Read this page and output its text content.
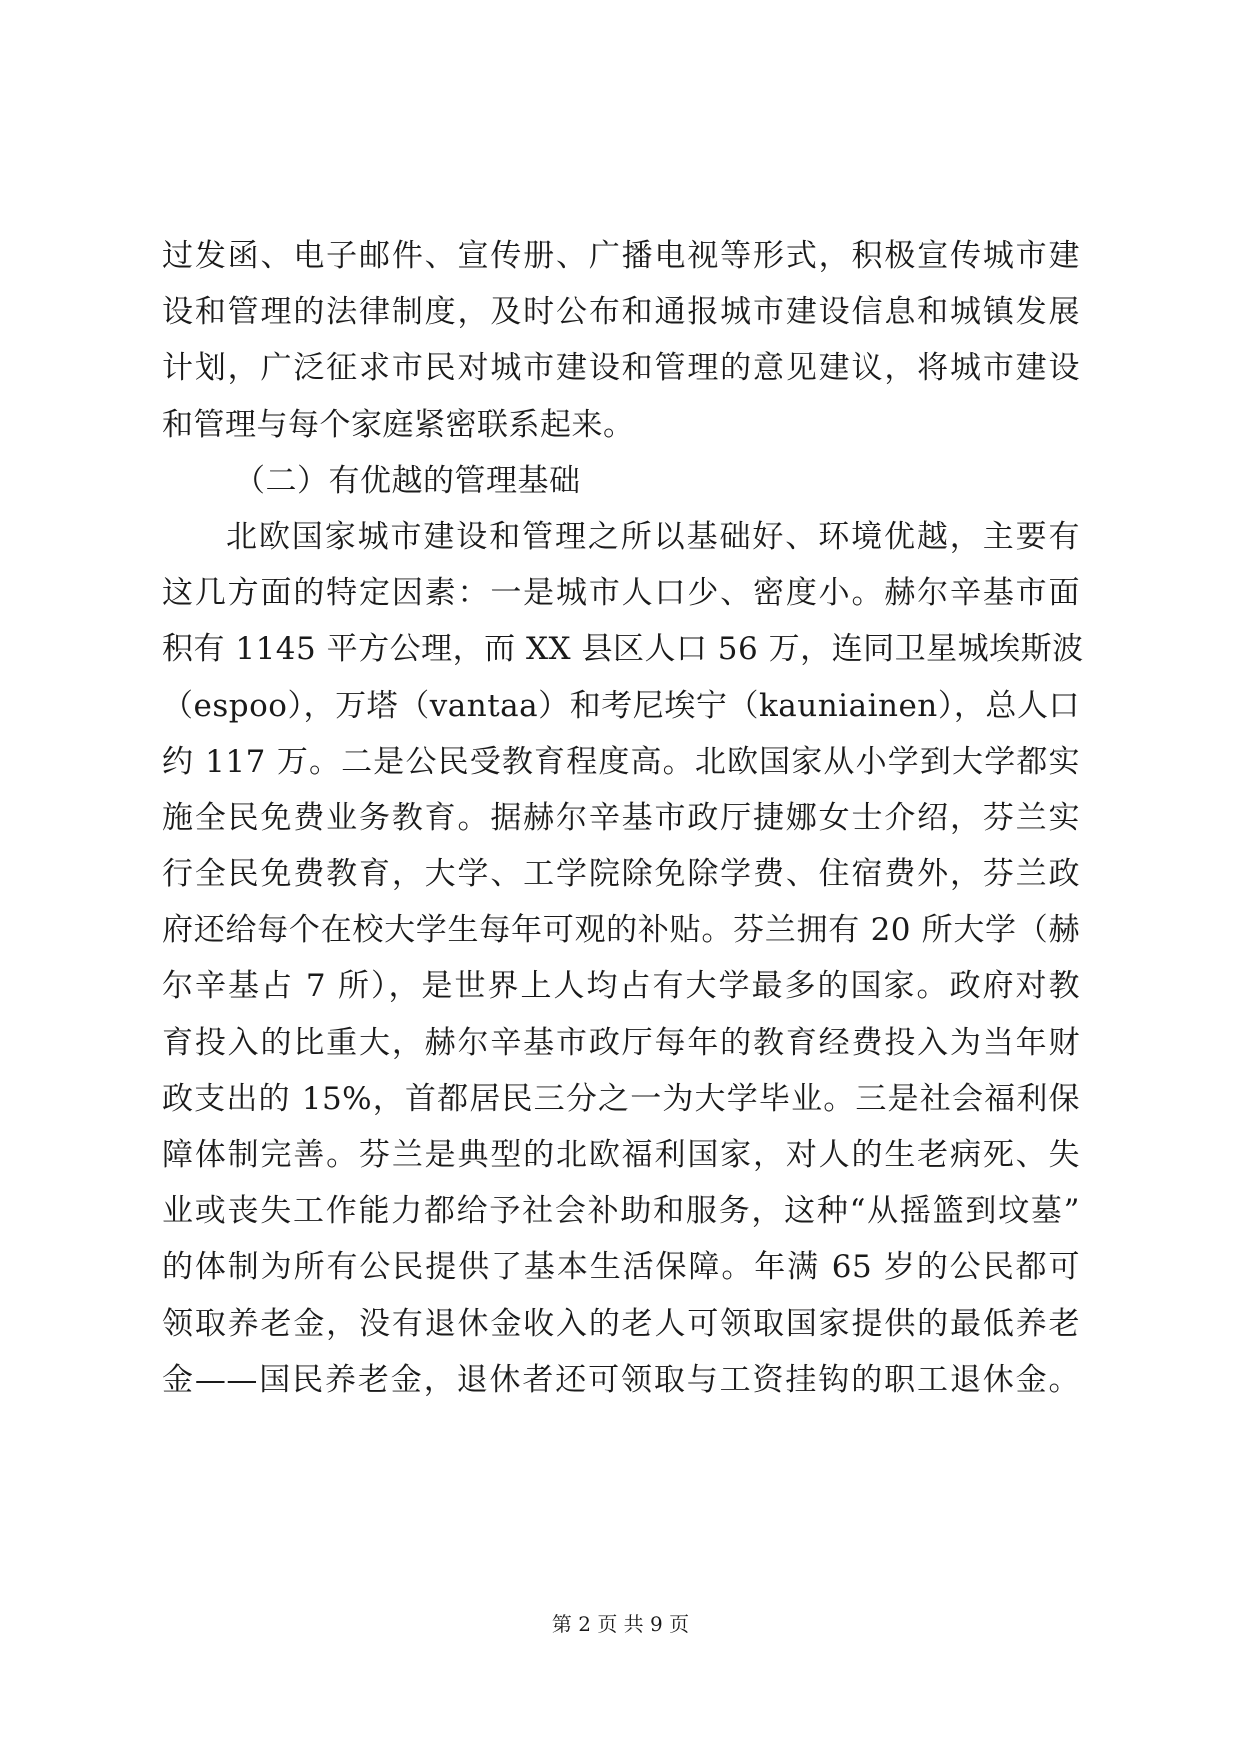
过发函、电子邮件、宣传册、广播电视等形式，积极宣传城市建
设和管理的法律制度，及时公布和通报城市建设信息和城镇发展
计划，广泛征求市民对城市建设和管理的意见建议，将城市建设
和管理与每个家庭紧密联系起来。
（二）有优越的管理基础
北欧国家城市建设和管理之所以基础好、环境优越，主要有
这几方面的特定因素：一是城市人口少、密度小。赫尔辛基市面
积有 1145 平方公理，而 XX 县区人口 56 万，连同卫星城埃斯波
（espoo），万塔（vantaa）和考尼埃宁（kauniainen），总人口
约 117 万。二是公民受教育程度高。北欧国家从小学到大学都实
施全民免费业务教育。据赫尔辛基市政厅捷娜女士介绍，芬兰实
行全民免费教育，大学、工学院除免除学费、住宿费外，芬兰政
府还给每个在校大学生每年可观的补贴。芬兰拥有 20 所大学（赫
尔辛基占 7 所），是世界上人均占有大学最多的国家。政府对教
育投入的比重大，赫尔辛基市政厅每年的教育经费投入为当年财
政支出的 15%，首都居民三分之一为大学毕业。三是社会福利保
障体制完善。芬兰是典型的北欧福利国家，对人的生老病死、失
业或丧失工作能力都给予社会补助和服务，这种“从摇篮到坟墓”
的体制为所有公民提供了基本生活保障。年满 65 岁的公民都可
领取养老金，没有退休金收入的老人可领取国家提供的最低养老
金——国民养老金，退休者还可领取与工资挂钩的职工退休金。
第 2 页 共 9 页
